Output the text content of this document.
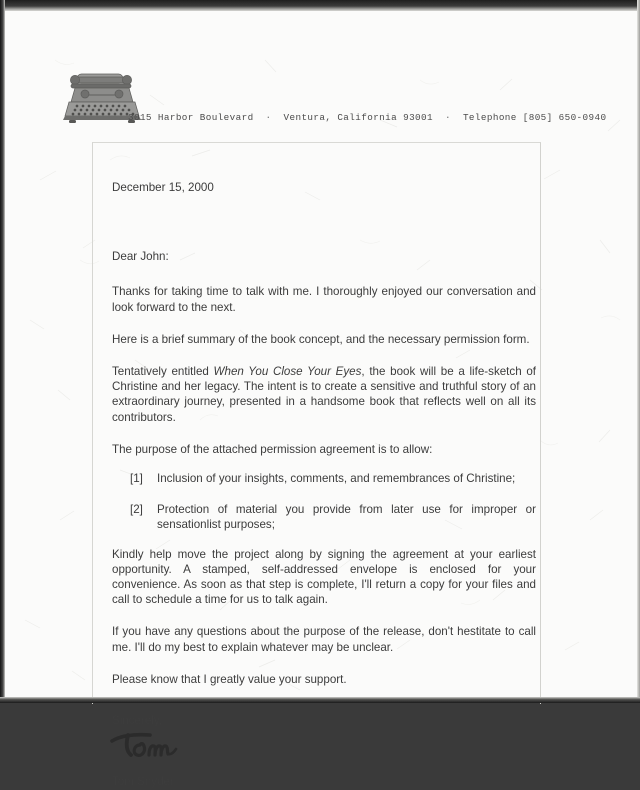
3015 Harbor Boulevard · Ventura, California 93001 · Telephone [805] 650-0940
December 15, 2000
Dear John:

Thanks for taking time to talk with me. I thoroughly enjoyed our conversation and look forward to the next.

Here is a brief summary of the book concept, and the necessary permission form.

Tentatively entitled When You Close Your Eyes, the book will be a life-sketch of Christine and her legacy. The intent is to create a sensitive and truthful story of an extraordinary journey, presented in a handsome book that reflects well on all its contributors.

The purpose of the attached permission agreement is to allow:

[1] Inclusion of your insights, comments, and remembrances of Christine;
[2] Protection of material you provide from later use for improper or sensationlist purposes;

Kindly help move the project along by signing the agreement at your earliest opportunity. A stamped, self-addressed envelope is enclosed for your convenience. As soon as that step is complete, I'll return a copy for your files and call to schedule a time for us to talk again.

If you have any questions about the purpose of the release, don't hestitate to call me. I'll do my best to explain whatever may be unclear.

Please know that I greatly value your support.

Sincerely,
Tom Snyder
